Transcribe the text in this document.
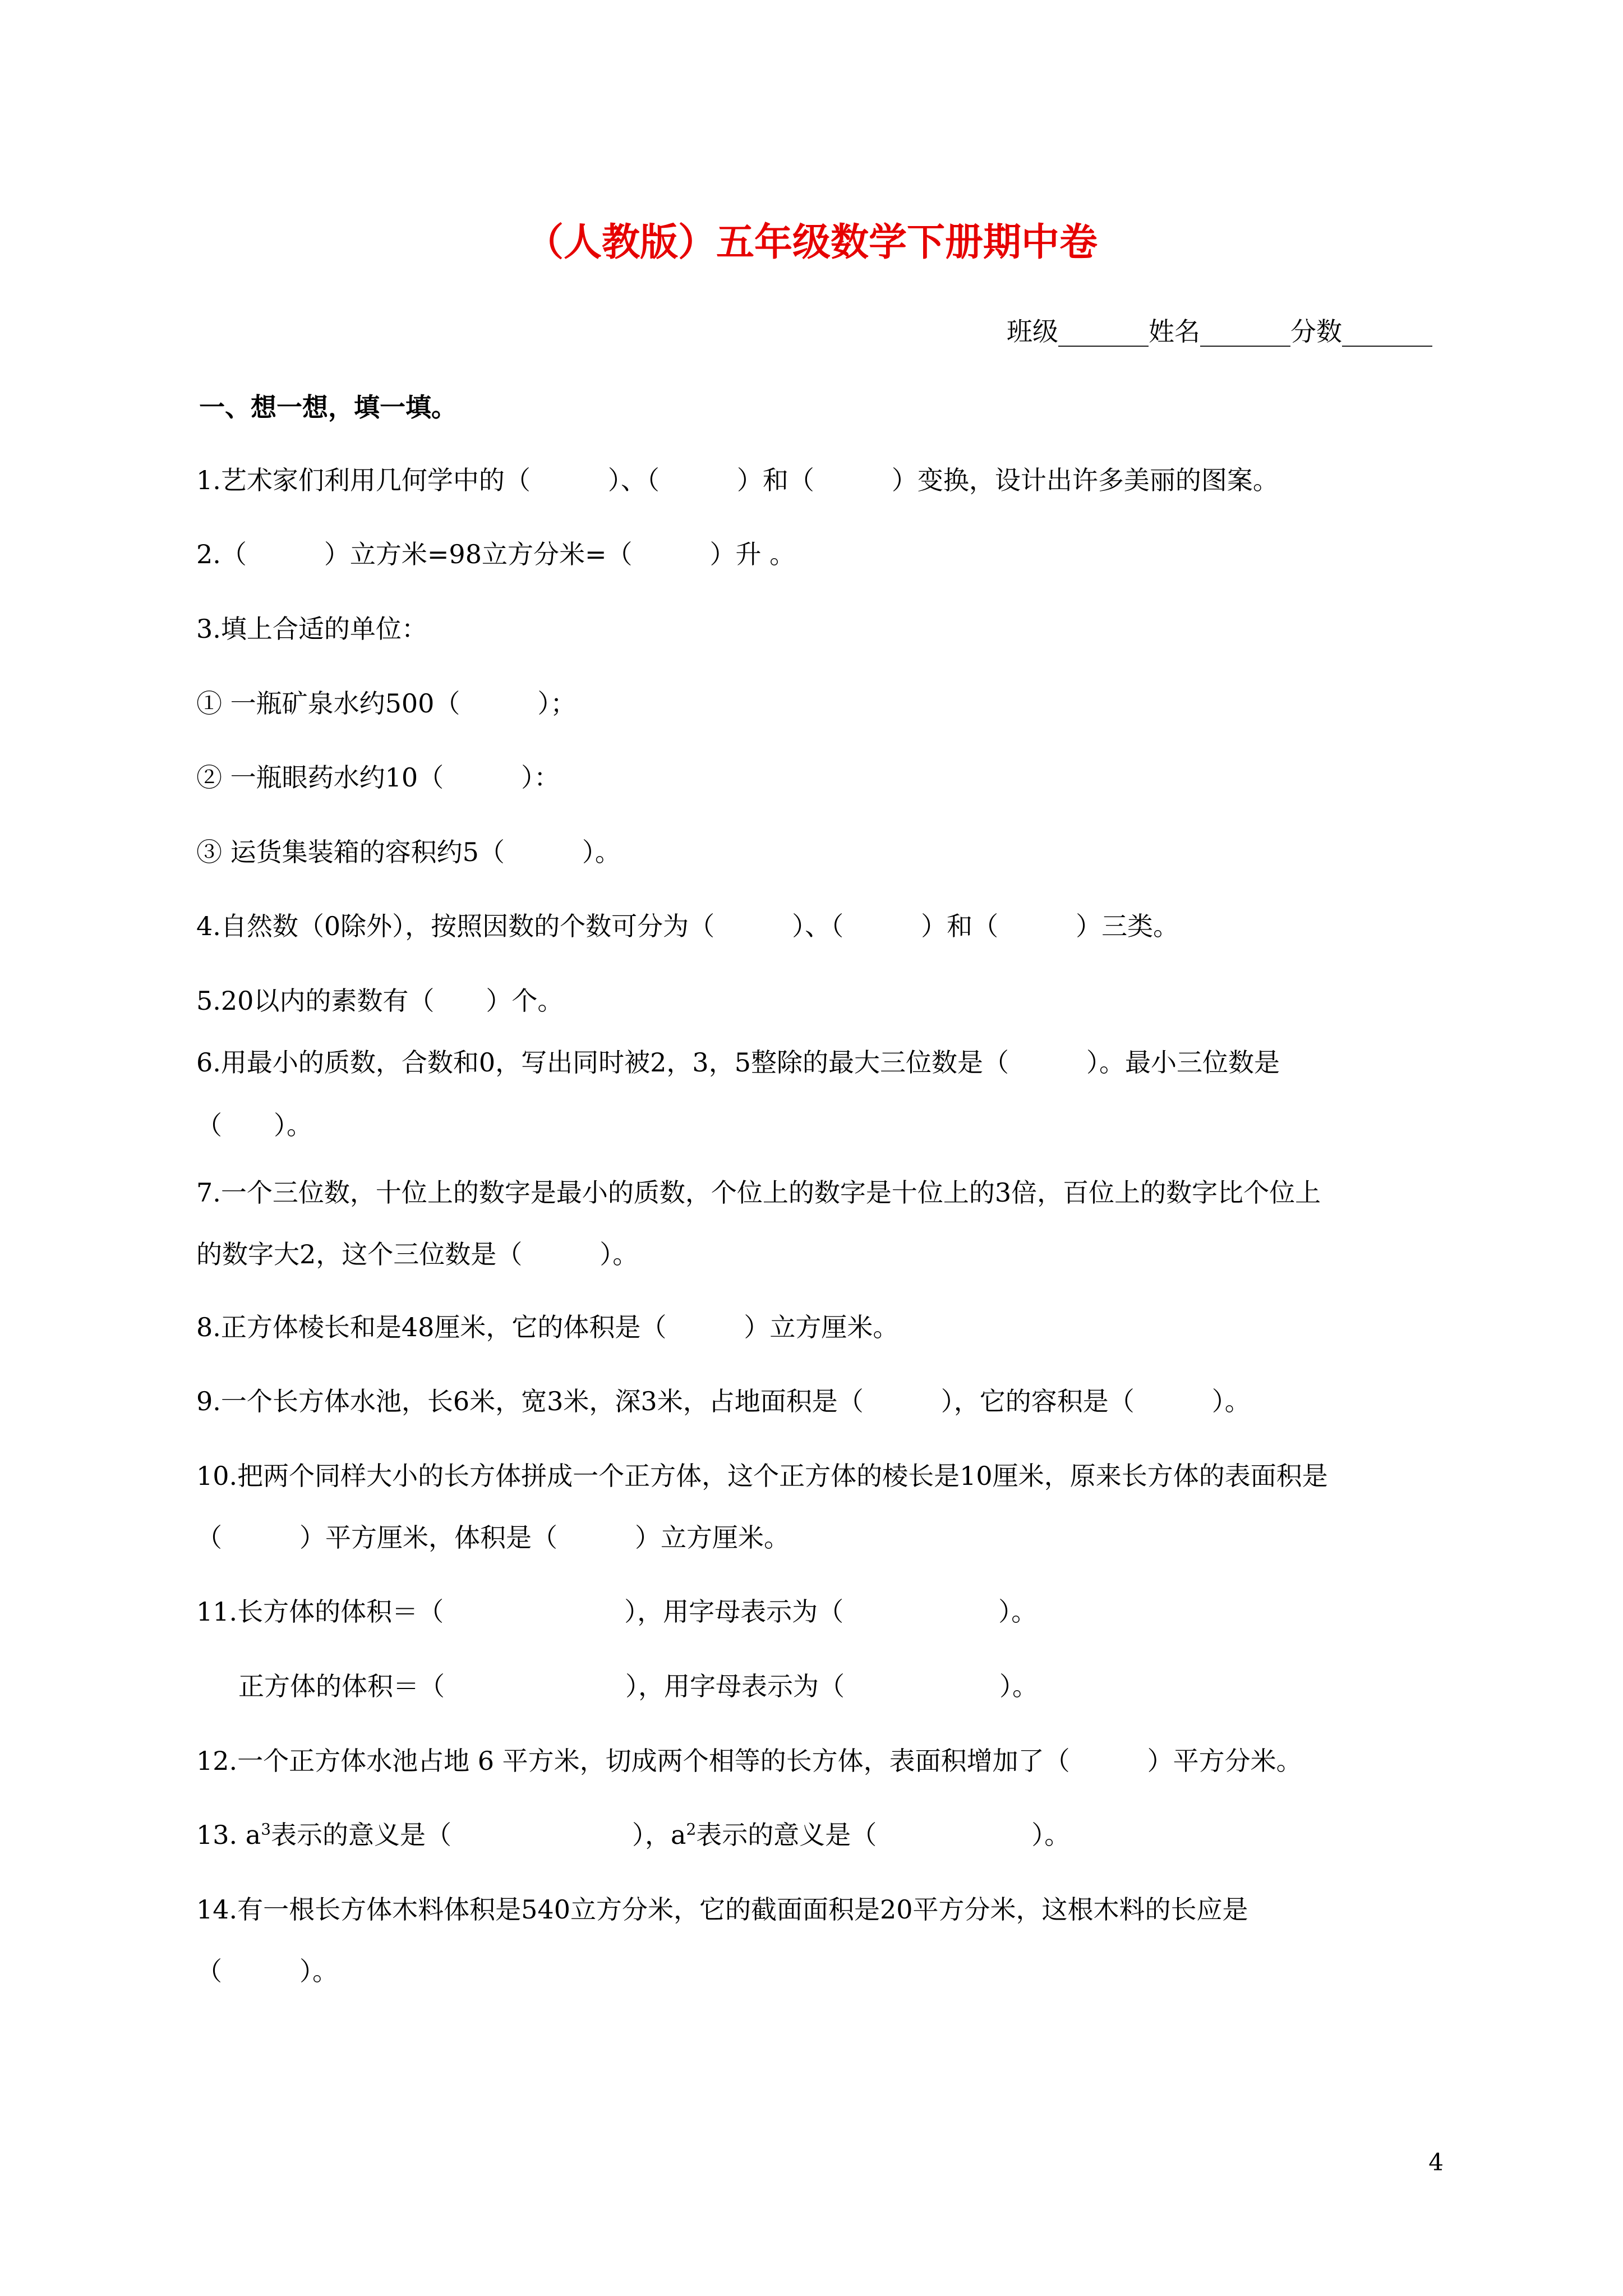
（人教版）五年级数学下册期中卷
班级_______姓名_______分数_______
一、想一想，填一填。
1.艺术家们利用几何学中的（　　　）、（　　　）和（　　　）变换，设计出许多美丽的图案。
2.（　　　）立方米=98立方分米=（　　　）升 。
3.填上合适的单位：
① 一瓶矿泉水约500（　　　）；
② 一瓶眼药水约10（　　　）：
③ 运货集装箱的容积约5（　　　）。
4.自然数（0除外），按照因数的个数可分为（　　　）、（　　　）和（　　　）三类。
5.20以内的素数有（　　）个。
6.用最小的质数，合数和0，写出同时被2，3，5整除的最大三位数是（　　　）。最小三位数是
（　　）。
7.一个三位数，十位上的数字是最小的质数，个位上的数字是十位上的3倍，百位上的数字比个位上
的数字大2，这个三位数是（　　　）。
8.正方体棱长和是48厘米，它的体积是（　　　）立方厘米。
9.一个长方体水池，长6米，宽3米，深3米，占地面积是（　　　），它的容积是（　　　）。
10.把两个同样大小的长方体拼成一个正方体，这个正方体的棱长是10厘米，原来长方体的表面积是
（　　　）平方厘米，体积是（　　　）立方厘米。
11.长方体的体积＝（　　　　　　　），用字母表示为（　　　　　　）。
正方体的体积＝（　　　　　　　），用字母表示为（　　　　　　）。
12.一个正方体水池占地 6 平方米，切成两个相等的长方体，表面积增加了（　　　）平方分米。
13. $a^3$表示的意义是（　　　　　　　），$a^2$表示的意义是（　　　　　　）。
14.有一根长方体木料体积是540立方分米，它的截面面积是20平方分米，这根木料的长应是
（　　　）。
4
